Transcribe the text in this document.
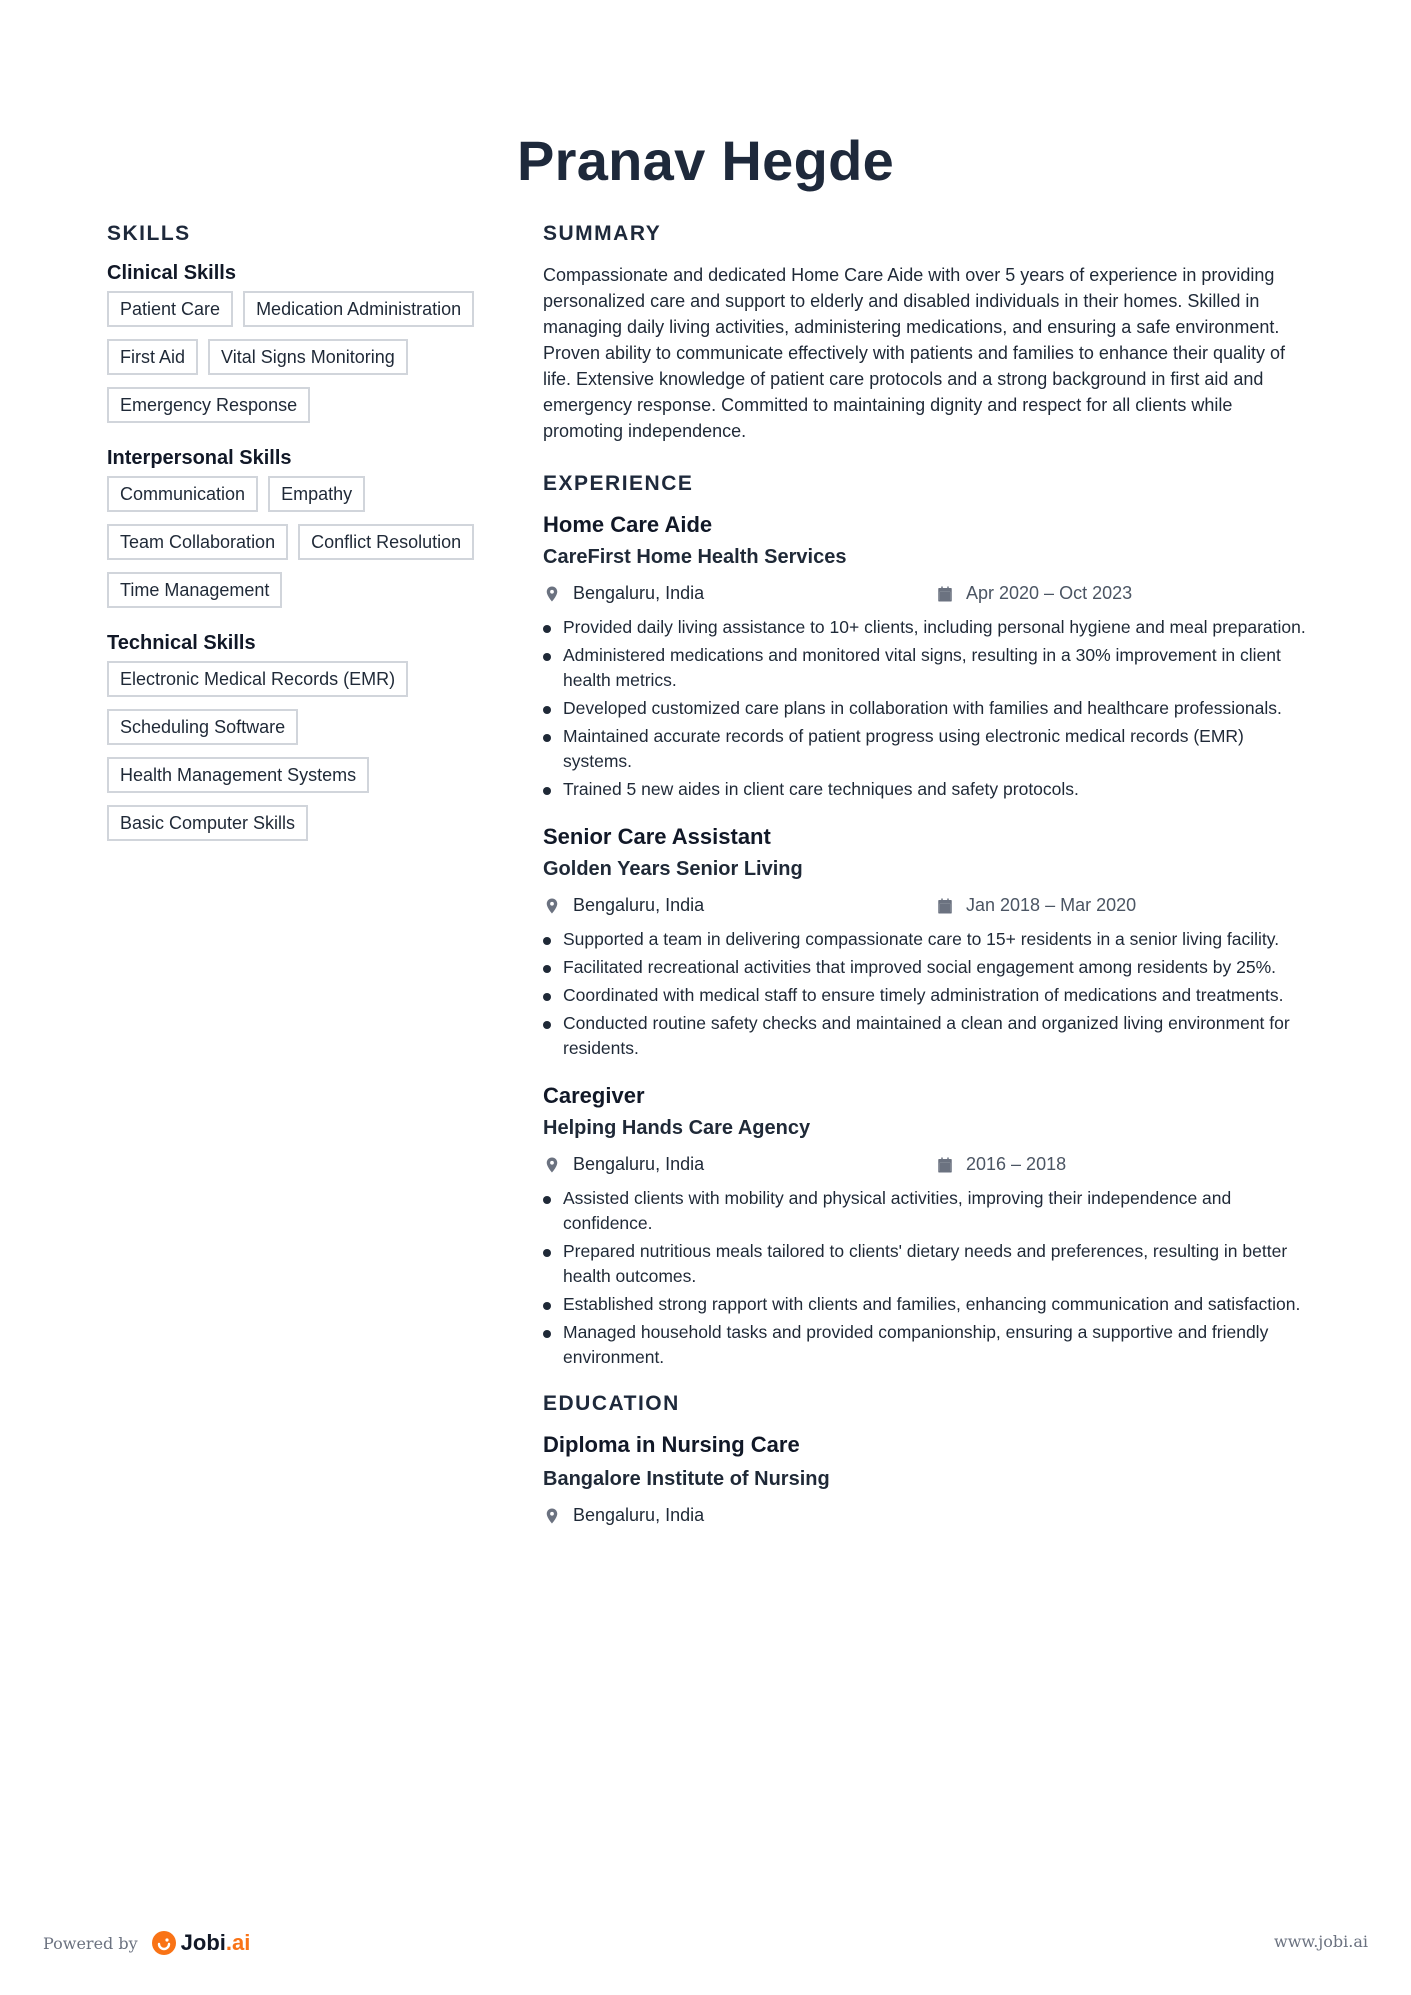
Pranav Hegde
SKILLS
Clinical Skills
Patient Care	Medication Administration
First Aid	Vital Signs Monitoring
Emergency Response
Interpersonal Skills
Communication	Empathy
Team Collaboration	Conflict Resolution
Time Management
Technical Skills
Electronic Medical Records (EMR)
Scheduling Software
Health Management Systems
Basic Computer Skills
SUMMARY

Compassionate and dedicated Home Care Aide with over 5 years of experience in providing personalized care and support to elderly and disabled individuals in their homes. Skilled in managing daily living activities, administering medications, and ensuring a safe environment. Proven ability to communicate effectively with patients and families to enhance their quality of life. Extensive knowledge of patient care protocols and a strong background in first aid and emergency response. Committed to maintaining dignity and respect for all clients while promoting independence.

EXPERIENCE
Home Care Aide
CareFirst Home Health Services
Bengaluru, India	Apr 2020 – Oct 2023
Provided daily living assistance to 10+ clients, including personal hygiene and meal preparation.
Administered medications and monitored vital signs, resulting in a 30% improvement in client health metrics.
Developed customized care plans in collaboration with families and healthcare professionals.
Maintained accurate records of patient progress using electronic medical records (EMR) systems.
Trained 5 new aides in client care techniques and safety protocols.
Senior Care Assistant
Golden Years Senior Living
Bengaluru, India	Jan 2018 – Mar 2020
Supported a team in delivering compassionate care to 15+ residents in a senior living facility.
Facilitated recreational activities that improved social engagement among residents by 25%.
Coordinated with medical staff to ensure timely administration of medications and treatments.
Conducted routine safety checks and maintained a clean and organized living environment for residents.
Caregiver
Helping Hands Care Agency
Bengaluru, India	2016 – 2018
Assisted clients with mobility and physical activities, improving their independence and confidence.
Prepared nutritious meals tailored to clients' dietary needs and preferences, resulting in better health outcomes.
Established strong rapport with clients and families, enhancing communication and satisfaction.
Managed household tasks and provided companionship, ensuring a supportive and friendly environment.
EDUCATION
Diploma in Nursing Care
Bangalore Institute of Nursing
Bengaluru, India
Powered by Jobi.ai	www.jobi.ai
